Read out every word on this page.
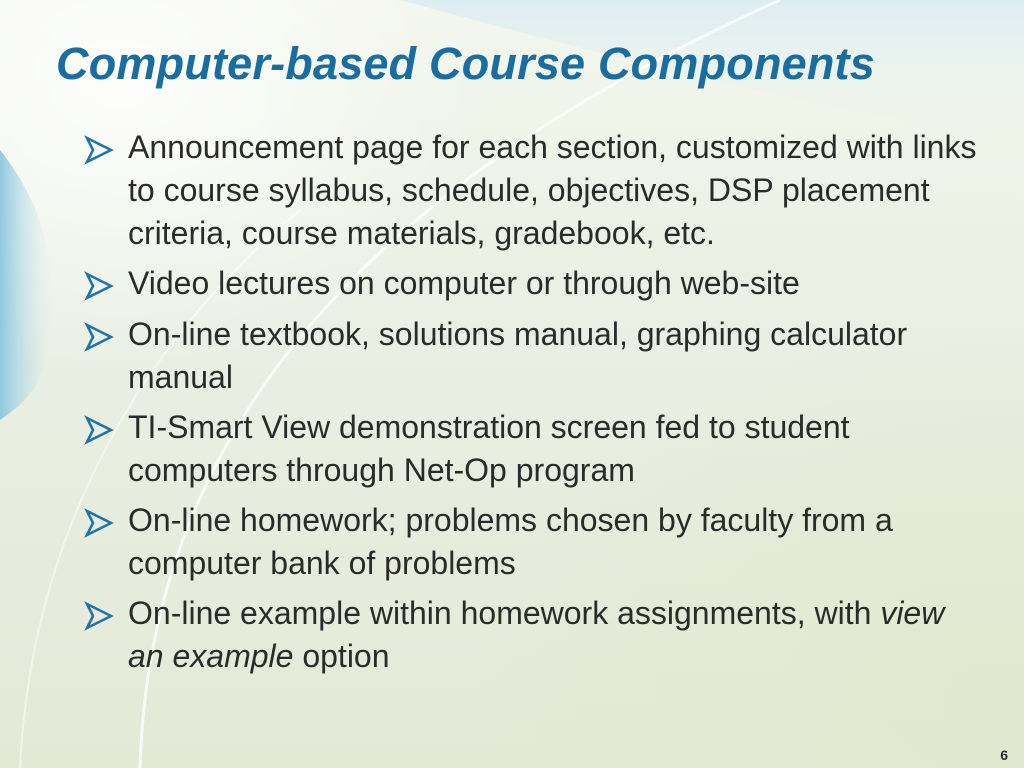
Computer-based Course Components
Announcement page for each section, customized with links to course syllabus, schedule, objectives, DSP placement criteria, course materials, gradebook, etc.
Video lectures on computer or through web-site
On-line textbook, solutions manual, graphing calculator manual
TI-Smart View demonstration screen fed to student computers through Net-Op program
On-line homework; problems chosen by faculty from a computer bank of problems
On-line example within homework assignments, with view an example option
6
